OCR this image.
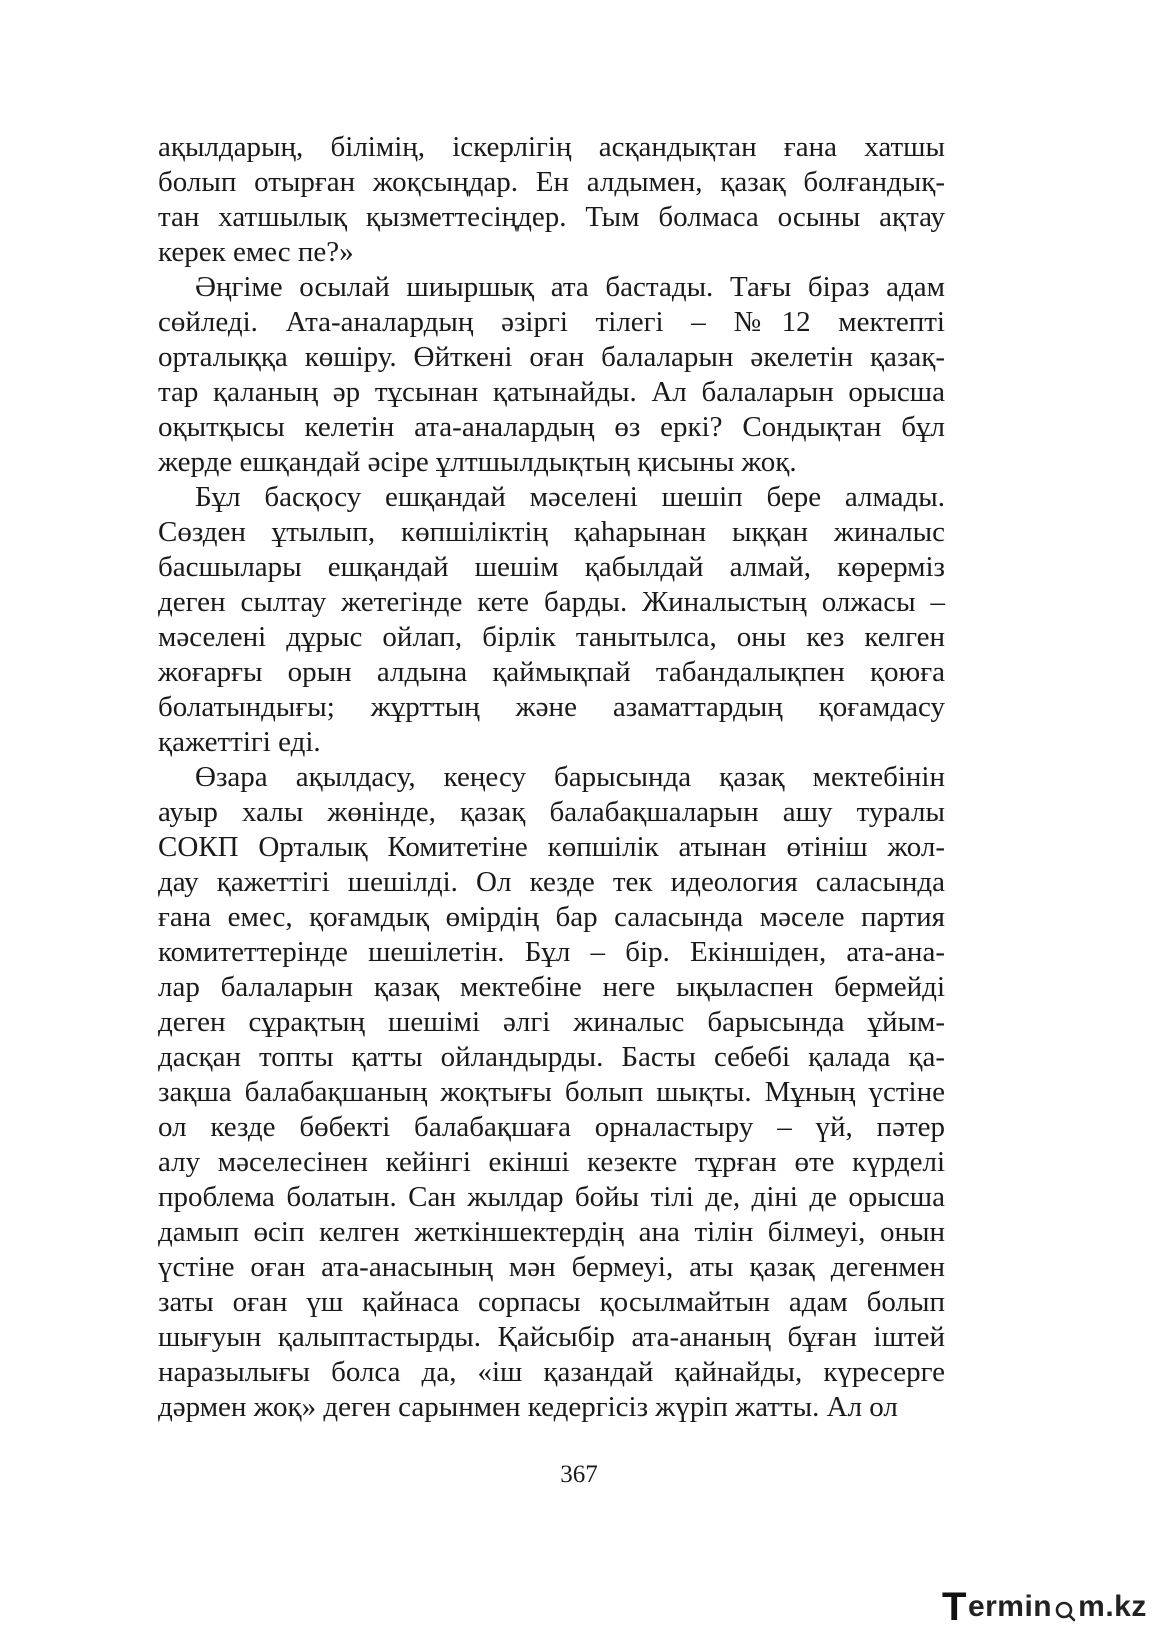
ақылдарың, білімің, іскерлігің асқандықтан ғана хатшы
болып отырған жоқсыңдар. Ен алдымен, қазақ болғандық-
тан хатшылық қызметтесіңдер. Тым болмаса осыны ақтау
керек емес пе?»
Әңгіме осылай шиыршық ата бастады. Тағы біраз адам
сөйледі. Ата-аналардың әзіргі тілегі – №12 мектепті
орталыққа көшіру. Өйткені оған балаларын әкелетін қазақ-
тар қаланың әр тұсынан қатынайды. Ал балаларын орысша
оқытқысы келетін ата-аналардың өз еркі? Сондықтан бұл
жерде ешқандай әсіре ұлтшылдықтың қисыны жоқ.
Бұл басқосу ешқандай мәселені шешіп бере алмады.
Сөзден ұтылып, көпшіліктің қаһарынан ыққан жиналыс
басшылары ешқандай шешім қабылдай алмай, көрерміз
деген сылтау жетегінде кете барды. Жиналыстың олжасы –
мәселені дұрыс ойлап, бірлік танытылса, оны кез келген
жоғарғы орын алдына қаймықпай табандалықпен қоюға
болатындығы; жұрттың және азаматтардың қоғамдасу
қажеттігі еді.
Өзара ақылдасу, кеңесу барысында қазақ мектебінін
ауыр халы жөнінде, қазақ балабақшаларын ашу туралы
СОКП Орталық Комитетіне көпшілік атынан өтініш жол-
дау қажеттігі шешілді. Ол кезде тек идеология саласында
ғана емес, қоғамдық өмірдің бар саласында мәселе партия
комитеттерінде шешілетін. Бұл – бір. Екіншіден, ата-ана-
лар балаларын қазақ мектебіне неге ықыласпен бермейді
деген сұрақтың шешімі әлгі жиналыс барысында ұйым-
дасқан топты қатты ойландырды. Басты себебі қалада қа-
зақша балабақшаның жоқтығы болып шықты. Мұның үстіне
ол кезде бөбекті балабақшаға орналастыру – үй, пәтер
алу мәселесінен кейінгі екінші кезекте тұрған өте күрделі
проблема болатын. Сан жылдар бойы тілі де, діні де орысша
дамып өсіп келген жеткіншектердің ана тілін білмеуі, онын
үстіне оған ата-анасының мән бермеуі, аты қазақ дегенмен
заты оған үш қайнаса сорпасы қосылмайтын адам болып
шығуын қалыптастырды. Қайсыбір ата-ананың бұған іштей
наразылығы болса да, «іш қазандай қайнайды, күресерге
дәрмен жоқ» деген сарынмен кедергісіз жүріп жатты. Ал ол
367
T ermin m.kz
